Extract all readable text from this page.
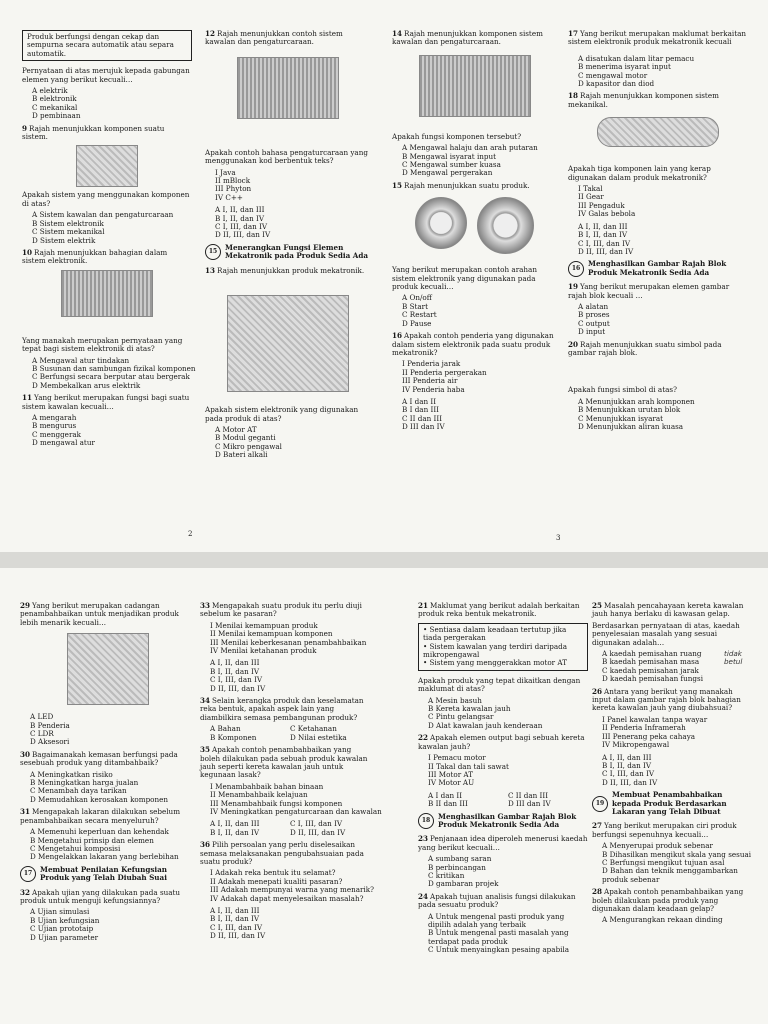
Produk berfungsi dengan cekap dan sempurna secara automatik atau separa automatik.
Pernyataan di atas merujuk kepada gabungan elemen yang berikut kecuali…
A elektrik
B elektronik
C mekanikal
D pembinaan
9 Rajah menunjukkan komponen suatu sistem.
Apakah sistem yang menggunakan komponen di atas?
A Sistem kawalan dan pengaturcaraan
B Sistem elektronik
C Sistem mekanikal
D Sistem elektrik
10 Rajah menunjukkan bahagian dalam sistem elektronik.
Yang manakah merupakan pernyataan yang tepat bagi sistem elektronik di atas?
A Mengawal atur tindakan
B Susunan dan sambungan fizikal komponen
C Berfungsi secara berputar atau bergerak
D Membekalkan arus elektrik
11 Yang berikut merupakan fungsi bagi suatu sistem kawalan kecuali…
A mengarah
B mengurus
C menggerak
D mengawal atur
2
12 Rajah menunjukkan contoh sistem kawalan dan pengaturcaraan.
Apakah contoh bahasa pengaturcaraan yang menggunakan kod berbentuk teks?
I Java
II mBlock
III Phyton
IV C++
A I, II, dan III
B I, II, dan IV
C I, III, dan IV
D II, III, dan IV
15	Menerangkan Fungsi Elemen Mekatronik pada Produk Sedia Ada
13 Rajah menunjukkan produk mekatronik.
Apakah sistem elektronik yang digunakan pada produk di atas?
A Motor AT
B Modul geganti
C Mikro pengawal
D Bateri alkali
14 Rajah menunjukkan komponen sistem kawalan dan pengaturcaraan.
Apakah fungsi komponen tersebut?
A Mengawal halaju dan arah putaran
B Mengawal isyarat input
C Mengawal sumber kuasa
D Mengawal pergerakan
15 Rajah menunjukkan suatu produk.
Yang berikut merupakan contoh arahan sistem elektronik yang digunakan pada produk kecuali…
A On/off
B Start
C Restart
D Pause
16 Apakah contoh penderia yang digunakan dalam sistem elektronik pada suatu produk mekatronik?
I Penderia jarak
II Penderia pergerakan
III Penderia air
IV Penderia haba
A I dan II
B I dan III
C II dan III
D III dan IV
3
17 Yang berikut merupakan maklumat berkaitan sistem elektronik produk mekatronik kecuali
A disatukan dalam litar pemacu
B menerima isyarat input
C mengawal motor
D kapasitor dan diod
18 Rajah menunjukkan komponen sistem mekanikal.
Apakah tiga komponen lain yang kerap digunakan dalam produk mekatronik?
I Takal
II Gear
III Pengaduk
IV Galas bebola
A I, II, dan III
B I, II, dan IV
C I, III, dan IV
D II, III, dan IV
16	Menghasilkan Gambar Rajah Blok Produk Mekatronik Sedia Ada
19 Yang berikut merupakan elemen gambar rajah blok kecuali …
A alatan
B proses
C output
D input
20 Rajah menunjukkan suatu simbol pada gambar rajah blok.
Apakah fungsi simbol di atas?
A Menunjukkan arah komponen
B Menunjukkan urutan blok
C Menunjukkan isyarat
D Menunjukkan aliran kuasa
29 Yang berikut merupakan cadangan penambahbaikan untuk menjadikan produk lebih menarik kecuali…
A LED
B Penderia
C LDR
D Aksesori
30 Bagaimanakah kemasan berfungsi pada sesebuah produk yang ditambahbaik?
A Meningkatkan risiko
B Meningkatkan harga jualan
C Menambah daya tarikan
D Memudahkan kerosakan komponen
31 Mengapakah lakaran dilakukan sebelum penambahbaikan secara menyeluruh?
A Memenuhi keperluan dan kehendak
B Mengetahui prinsip dan elemen
C Mengetahui komposisi
D Mengelakkan lakaran yang berlebihan
17	Membuat Penilaian Kefungsian Produk yang Telah Diubah Suai
32 Apakah ujian yang dilakukan pada suatu produk untuk menguji kefungsiannya?
A Ujian simulasi
B Ujian kefungsian
C Ujian prototaip
D Ujian parameter
33 Mengapakah suatu produk itu perlu diuji sebelum ke pasaran?
I Menilai kemampuan produk
II Menilai kemampuan komponen
III Menilai keberkesanan penambahbaikan
IV Menilai ketahanan produk
A I, II, dan III
B I, II, dan IV
C I, III, dan IV
D II, III, dan IV
34 Selain kerangka produk dan keselamatan reka bentuk, apakah aspek lain yang diambilkira semasa pembangunan produk?
A Bahan	C Ketahanan
B Komponen	D Nilai estetika
35 Apakah contoh penambahbaikan yang boleh dilakukan pada sebuah produk kawalan jauh seperti kereta kawalan jauh untuk kegunaan lasak?
I Menambahbaik bahan binaan
II Menambahbaik kelajuan
III Menambahbaik fungsi komponen
IV Meningkatkan pengaturcaraan dan kawalan
A I, II, dan III	C I, III, dan IV
B I, II, dan IV	D II, III, dan IV
36 Pilih persoalan yang perlu diselesaikan semasa melaksanakan pengubahsuaian pada suatu produk?
I Adakah reka bentuk itu selamat?
II Adakah menepati kualiti pasaran?
III Adakah mempunyai warna yang menarik?
IV Adakah dapat menyelesaikan masalah?
A I, II, dan III
B I, II, dan IV
C I, III, dan IV
D II, III, dan IV
21 Maklumat yang berikut adalah berkaitan produk reka bentuk mekatronik.
• Sentiasa dalam keadaan tertutup jika tiada pergerakan
• Sistem kawalan yang terdiri daripada mikropengawal
• Sistem yang menggerakkan motor AT
Apakah produk yang tepat dikaitkan dengan maklumat di atas?
A Mesin basuh
B Kereta kawalan jauh
C Pintu gelangsar
D Alat kawalan jauh kenderaan
22 Apakah elemen output bagi sebuah kereta kawalan jauh?
I Pemacu motor
II Takal dan tali sawat
III Motor AT
IV Motor AU
A I dan II	C II dan III
B II dan III	D III dan IV
18	Menghasilkan Gambar Rajah Blok Produk Mekatronik Sedia Ada
23 Penjanaan idea diperoleh menerusi kaedah yang berikut kecuali…
A sumbang saran
B perbincangan
C kritikan
D gambaran projek
24 Apakah tujuan analisis fungsi dilakukan pada sesuatu produk?
A Untuk mengenal pasti produk yang dipilih adalah yang terbaik
B Untuk mengenal pasti masalah yang terdapat pada produk
C Untuk menyaingkan pesaing apabila
25 Masalah pencahayaan kereta kawalan jauh hanya berlaku di kawasan gelap.
Berdasarkan pernyataan di atas, kaedah penyelesaian masalah yang sesuai digunakan adalah…
A kaedah pemisahan ruang
B kaedah pemisahan masa
C kaedah pemisahan jarak
D kaedah pemisahan fungsi
tidak betul
26 Antara yang berikut yang manakah input dalam gambar rajah blok bahagian kereta kawalan jauh yang diubahsuai?
I Panel kawalan tanpa wayar
II Penderia Inframerah
III Penerang peka cahaya
IV Mikropengawal
A I, II, dan III
B I, II, dan IV
C I, III, dan IV
D II, III, dan IV
19
Membuat Penambahbaikan kepada Produk Berdasarkan Lakaran yang Telah Dibuat
27 Yang berikut merupakan ciri produk berfungsi sepenuhnya kecuali…
A Menyerupai produk sebenar
B Dihasilkan mengikut skala yang sesuai
C Berfungsi mengikut tujuan asal
D Bahan dan teknik menggambarkan produk sebenar
28 Apakah contoh penambahbaikan yang boleh dilakukan pada produk yang digunakan dalam keadaan gelap?
A Mengurangkan rekaan dinding
